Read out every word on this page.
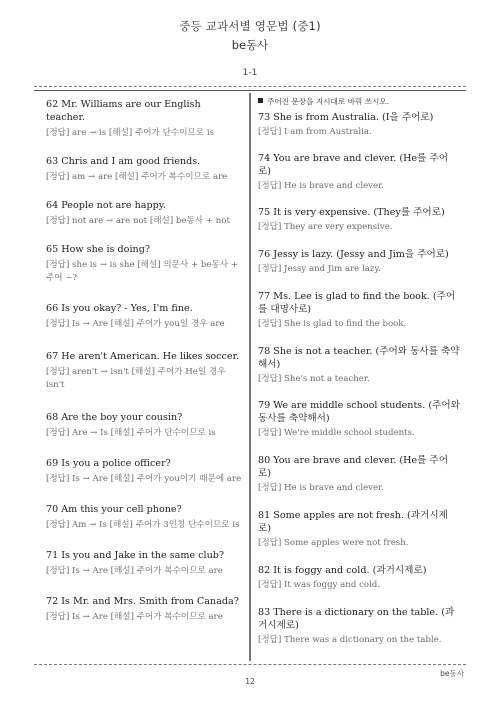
중등 교과서별 영문법 (중1)
be동사
1-1
62 Mr. Williams are our English teacher.
[정답] are → is [해설] 주어가 단수이므로 is
63 Chris and I am good friends.
[정답] am → are [해설] 주어가 복수이므로 are
64 People not are happy.
[정답] not are → are not [해설] be동사 + not
65 How she is doing?
[정답] she is → is she [해설] 의문사 + be동사 + 주어 ~?
66 Is you okay? - Yes, I'm fine.
[정답] Is → Are [해설] 주어가 you일 경우 are
67 He aren't American. He likes soccer.
[정답] aren't → isn't [해설] 주어가 He일 경우 isn't
68 Are the boy your cousin?
[정답] Are → Is [해설] 주어가 단수이므로 is
69 Is you a police officer?
[정답] Is → Are [해설] 주어가 you이기 때문에 are
70 Am this your cell phone?
[정답] Am → Is [해설] 주어가 3인칭 단수이므로 is
71 Is you and Jake in the same club?
[정답] Is → Are [해설] 주어가 복수이므로 are
72 Is Mr. and Mrs. Smith from Canada?
[정답] Is → Are [해설] 주어가 복수이므로 are
주어진 문장을 지시대로 바꿔 쓰시오.
73 She is from Australia. (I을 주어로)
[정답] I am from Australia.
74 You are brave and clever. (He를 주어로)
[정답] He is brave and clever.
75 It is very expensive. (They를 주어로)
[정답] They are very expensive.
76 Jessy is lazy. (Jessy and Jim을 주어로)
[정답] Jessy and Jim are lazy.
77 Ms. Lee is glad to find the book. (주어를 대명사로)
[정답] She is glad to find the book.
78 She is not a teacher. (주어와 동사를 축약해서)
[정답] She's not a teacher.
79 We are middle school students. (주어와 동사를 축약해서)
[정답] We're middle school students.
80 You are brave and clever. (He를 주어로)
[정답] He is brave and clever.
81 Some apples are not fresh. (과거시제로)
[정답] Some apples were not fresh.
82 It is foggy and cold. (과거시제로)
[정답] It was foggy and cold.
83 There is a dictionary on the table. (과거시제로)
[정답] There was a dictionary on the table.
be동사
12
